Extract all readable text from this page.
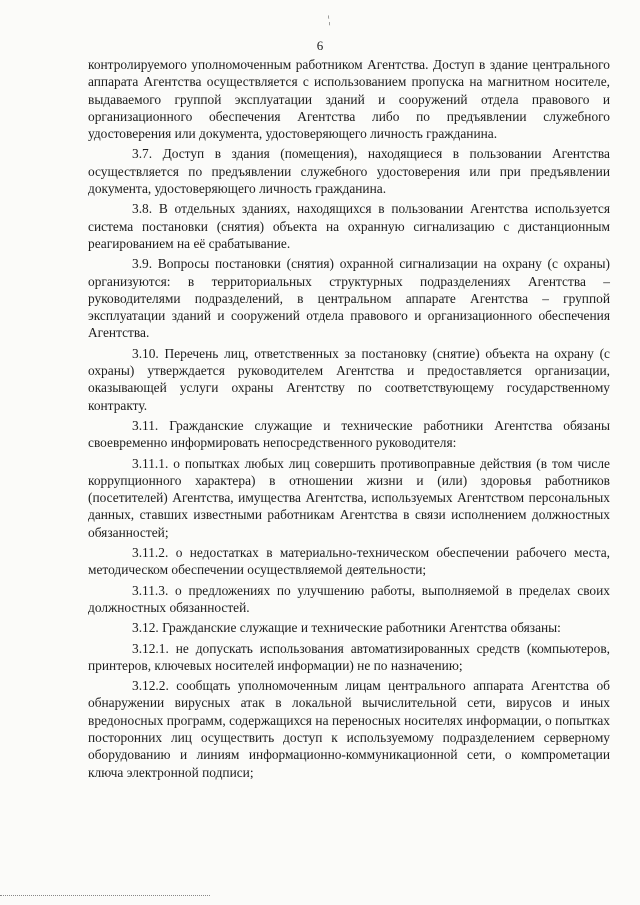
¦
6

контролируемого уполномоченным работником Агентства. Доступ в здание центрального аппарата Агентства осуществляется с использованием пропуска на магнитном носителе, выдаваемого группой эксплуатации зданий и сооружений отдела правового и организационного обеспечения Агентства либо по предъявлении служебного удостоверения или документа, удостоверяющего личность гражданина.

3.7. Доступ в здания (помещения), находящиеся в пользовании Агентства осуществляется по предъявлении служебного удостоверения или при предъявлении документа, удостоверяющего личность гражданина.

3.8. В отдельных зданиях, находящихся в пользовании Агентства используется система постановки (снятия) объекта на охранную сигнализацию с дистанционным реагированием на её срабатывание.

3.9. Вопросы постановки (снятия) охранной сигнализации на охрану (с охраны) организуются: в территориальных структурных подразделениях Агентства – руководителями подразделений, в центральном аппарате Агентства – группой эксплуатации зданий и сооружений отдела правового и организационного обеспечения Агентства.

3.10. Перечень лиц, ответственных за постановку (снятие) объекта на охрану (с охраны) утверждается руководителем Агентства и предоставляется организации, оказывающей услуги охраны Агентству по соответствующему государственному контракту.

3.11. Гражданские служащие и технические работники Агентства обязаны своевременно информировать непосредственного руководителя:

3.11.1. о попытках любых лиц совершить противоправные действия (в том числе коррупционного характера) в отношении жизни и (или) здоровья работников (посетителей) Агентства, имущества Агентства, используемых Агентством персональных данных, ставших известными работникам Агентства в связи исполнением должностных обязанностей;

3.11.2. о недостатках в материально-техническом обеспечении рабочего места, методическом обеспечении осуществляемой деятельности;

3.11.3. о предложениях по улучшению работы, выполняемой в пределах своих должностных обязанностей.

3.12. Гражданские служащие и технические работники Агентства обязаны:

3.12.1. не допускать использования автоматизированных средств (компьютеров, принтеров, ключевых носителей информации) не по назначению;

3.12.2. сообщать уполномоченным лицам центрального аппарата Агентства об обнаружении вирусных атак в локальной вычислительной сети, вирусов и иных вредоносных программ, содержащихся на переносных носителях информации, о попытках посторонних лиц осуществить доступ к используемому подразделением серверному оборудованию и линиям информационно-коммуникационной сети, о компрометации ключа электронной подписи;
